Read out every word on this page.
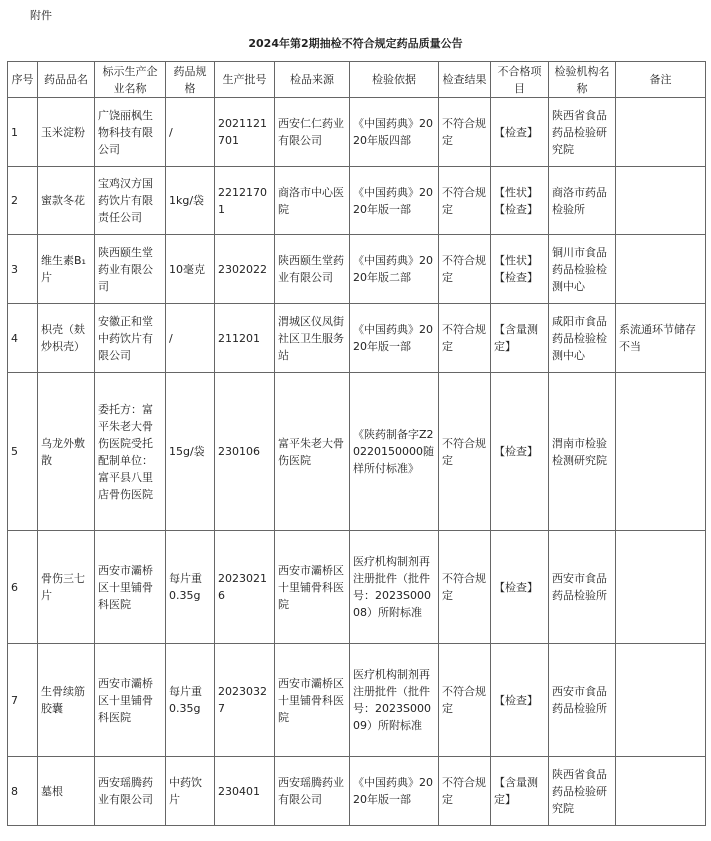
附件
2024年第2期抽检不符合规定药品质量公告
序号	药品品名	标示生产企业名称	药品规格	生产批号	检品来源	检验依据	检查结果	不合格项目	检验机构名称	备注
1	玉米淀粉	广饶丽枫生物科技有限公司	/	2021121701	西安仁仁药业有限公司	《中国药典》2020年版四部	不符合规定	【检查】	陕西省食品药品检验研究院	
2	蜜款冬花	宝鸡汉方国药饮片有限责任公司	1kg/袋	22121701	商洛市中心医院	《中国药典》2020年版一部	不符合规定	【性状】【检查】	商洛市药品检验所	
3	维生素B₁片	陕西颐生堂药业有限公司	10毫克	2302022	陕西颐生堂药业有限公司	《中国药典》2020年版二部	不符合规定	【性状】【检查】	铜川市食品药品检验检测中心	
4	枳壳（麸炒枳壳）	安徽正和堂中药饮片有限公司	/	211201	渭城区仪凤街社区卫生服务站	《中国药典》2020年版一部	不符合规定	【含量测定】	咸阳市食品药品检验检测中心	系流通环节储存不当
5	乌龙外敷散	委托方：富平朱老大骨伤医院受托配制单位：富平县八里店骨伤医院	15g/袋	230106	富平朱老大骨伤医院	《陕药制备字Z20220150000随样所付标准》	不符合规定	【检查】	渭南市检验检测研究院	
6	骨伤三七片	西安市灞桥区十里铺骨科医院	每片重0.35g	20230216	西安市灞桥区十里铺骨科医院	医疗机构制剂再注册批件（批件号：2023S00008）所附标准	不符合规定	【检查】	西安市食品药品检验所	
7	生骨续筋胶囊	西安市灞桥区十里铺骨科医院	每片重0.35g	20230327	西安市灞桥区十里铺骨科医院	医疗机构制剂再注册批件（批件号：2023S00009）所附标准	不符合规定	【检查】	西安市食品药品检验所	
8	墓根	西安瑶腾药业有限公司	中药饮片	230401	西安瑶腾药业有限公司	《中国药典》2020年版一部	不符合规定	【含量测定】	陕西省食品药品检验研究院	
